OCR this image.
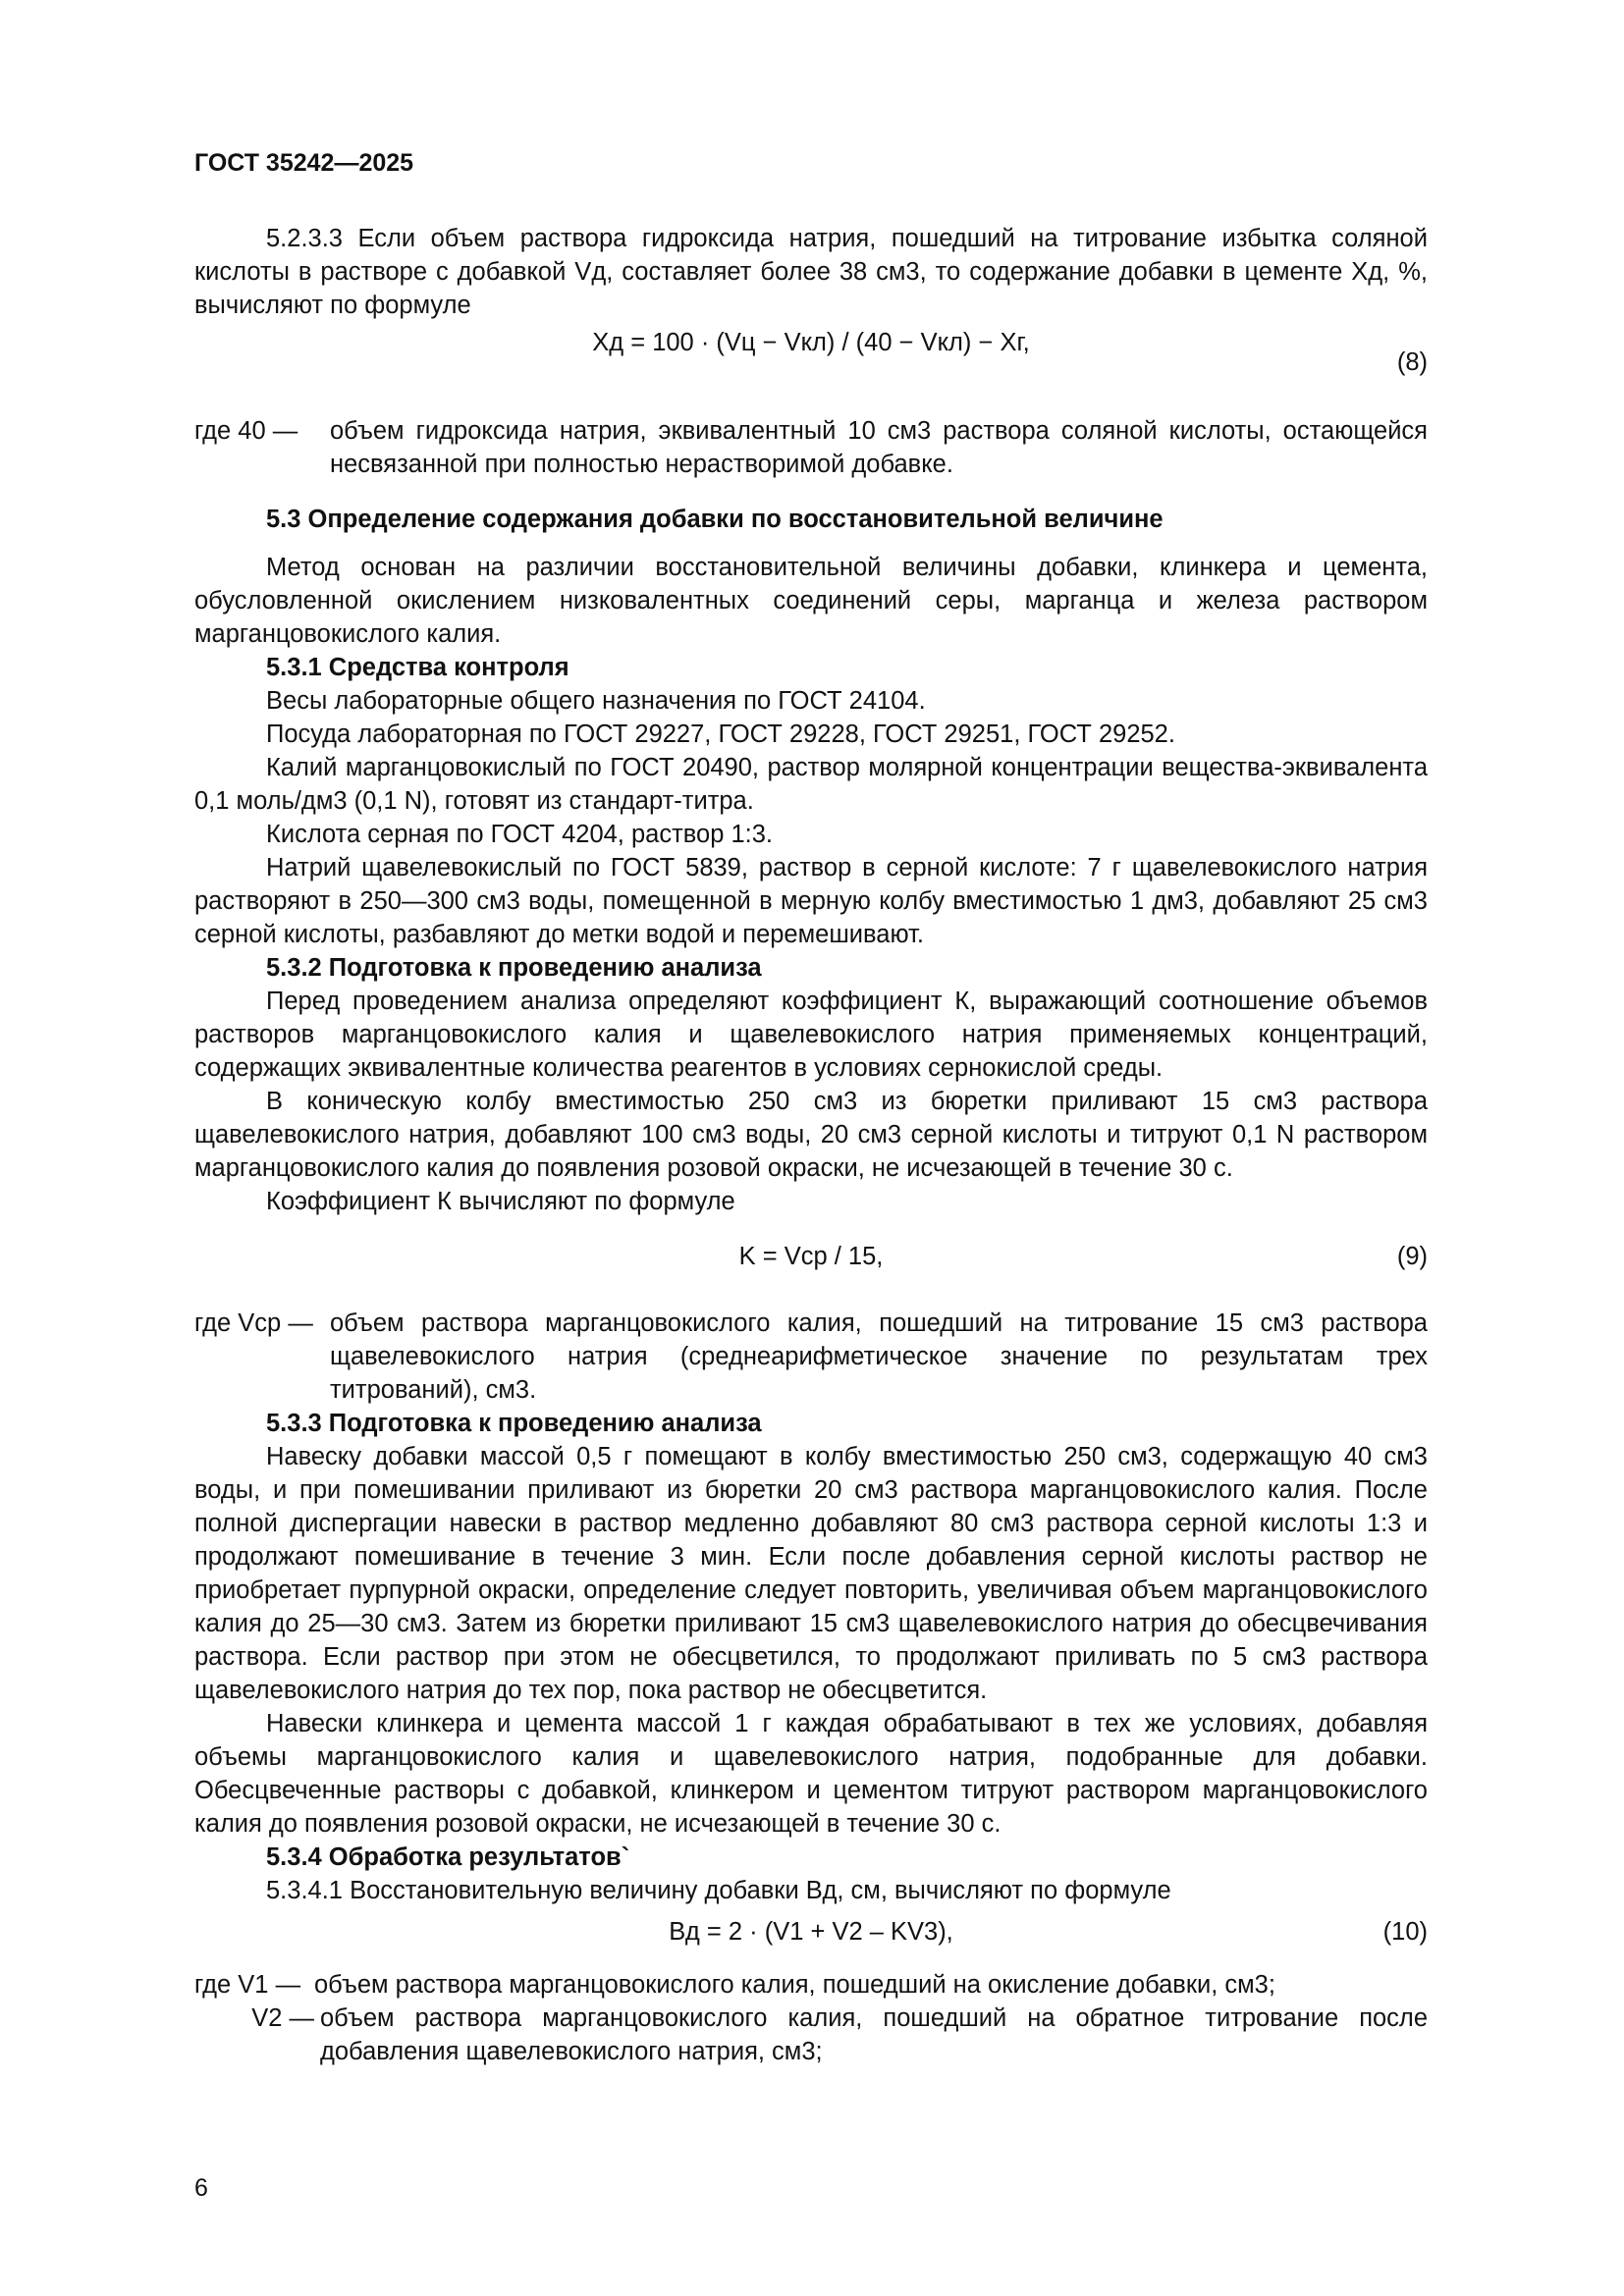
ГОСТ 35242—2025

5.2.3.3 Если объем раствора гидроксида натрия, пошедший на титрование избытка соляной кислоты в растворе с добавкой Vд, составляет более 38 см3, то содержание добавки в цементе Хд, %, вычисляют по формуле

Хд = 100 · (Vц − Vкл) / (40 − Vкл) − Хг,
(8)
где 40 —	объем гидроксида натрия, эквивалентный 10 см3 раствора соляной кислоты, остающейся несвязанной при полностью нерастворимой добавке.

5.3 Определение содержания добавки по восстановительной величине

Метод основан на различии восстановительной величины добавки, клинкера и цемента, обусловленной окислением низковалентных соединений серы, марганца и железа раствором марганцовокислого калия.

5.3.1 Средства контроля

Весы лабораторные общего назначения по ГОСТ 24104.

Посуда лабораторная по ГОСТ 29227, ГОСТ 29228, ГОСТ 29251, ГОСТ 29252.

Калий марганцовокислый по ГОСТ 20490, раствор молярной концентрации вещества-эквивалента 0,1 моль/дм3 (0,1 N), готовят из стандарт-титра.

Кислота серная по ГОСТ 4204, раствор 1:3.

Натрий щавелевокислый по ГОСТ 5839, раствор в серной кислоте: 7 г щавелевокислого натрия растворяют в 250—300 см3 воды, помещенной в мерную колбу вместимостью 1 дм3, добавляют 25 см3 серной кислоты, разбавляют до метки водой и перемешивают.

5.3.2 Подготовка к проведению анализа

Перед проведением анализа определяют коэффициент К, выражающий соотношение объемов растворов марганцовокислого калия и щавелевокислого натрия применяемых концентраций, содержащих эквивалентные количества реагентов в условиях сернокислой среды.

В коническую колбу вместимостью 250 см3 из бюретки приливают 15 см3 раствора щавелевокислого натрия, добавляют 100 см3 воды, 20 см3 серной кислоты и титруют 0,1 N раствором марганцовокислого калия до появления розовой окраски, не исчезающей в течение 30 с.

Коэффициент К вычисляют по формуле

K = Vср / 15,	(9)
где Vср — объем раствора марганцовокислого калия, пошедший на титрование 15 см3 раствора щавелевокислого натрия (среднеарифметическое значение по результатам трех титрований), см3.

5.3.3 Подготовка к проведению анализа

Навеску добавки массой 0,5 г помещают в колбу вместимостью 250 см3, содержащую 40 см3 воды, и при помешивании приливают из бюретки 20 см3 раствора марганцовокислого калия. После полной диспергации навески в раствор медленно добавляют 80 см3 раствора серной кислоты 1:3 и продолжают помешивание в течение 3 мин. Если после добавления серной кислоты раствор не приобретает пурпурной окраски, определение следует повторить, увеличивая объем марганцовокислого калия до 25—30 см3. Затем из бюретки приливают 15 см3 щавелевокислого натрия до обесцвечивания раствора. Если раствор при этом не обесцветился, то продолжают приливать по 5 см3 раствора щавелевокислого натрия до тех пор, пока раствор не обесцветится.

Навески клинкера и цемента массой 1 г каждая обрабатывают в тех же условиях, добавляя объемы марганцовокислого калия и щавелевокислого натрия, подобранные для добавки. Обесцвеченные растворы с добавкой, клинкером и цементом титруют раствором марганцовокислого калия до появления розовой окраски, не исчезающей в течение 30 с.

5.3.4 Обработка результатов`

5.3.4.1 Восстановительную величину добавки Вд, см, вычисляют по формуле

Вд = 2 · (V1 + V2 – KV3),	(10)
где V1 — объем раствора марганцовокислого калия, пошедший на окисление добавки, см3;
V2 — объем раствора марганцовокислого калия, пошедший на обратное титрование после добавления щавелевокислого натрия, см3;
6
